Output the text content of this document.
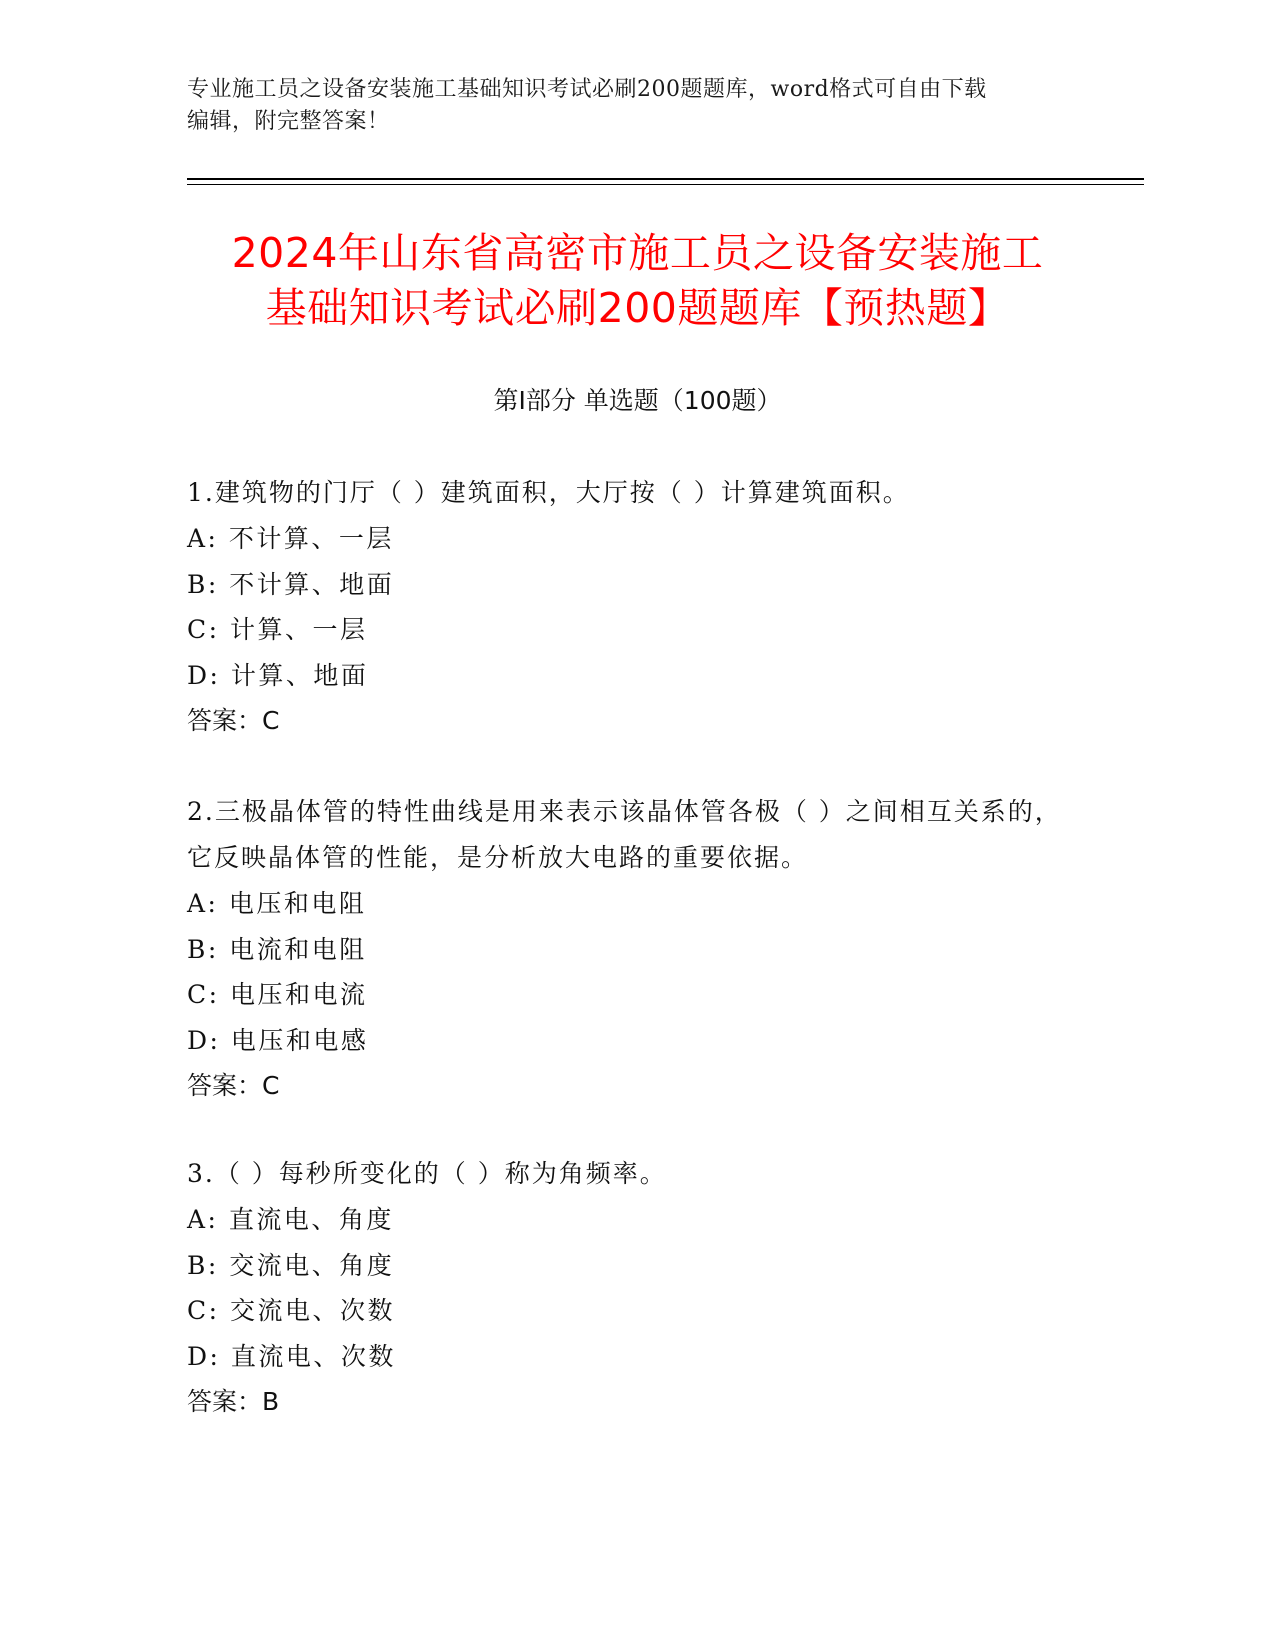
专业施工员之设备安装施工基础知识考试必刷200题题库，word格式可自由下载
编辑，附完整答案！
2024年山东省高密市施工员之设备安装施工
基础知识考试必刷200题题库【预热题】
第Ⅰ部分 单选题（100题）

1.建筑物的门厅（ ）建筑面积，大厅按（ ）计算建筑面积。

A: 不计算、一层

B: 不计算、地面

C: 计算、一层

D: 计算、地面

答案：C

2.三极晶体管的特性曲线是用来表示该晶体管各极（ ）之间相互关系的，它反映晶体管的性能，是分析放大电路的重要依据。

A: 电压和电阻

B: 电流和电阻

C: 电压和电流

D: 电压和电感

答案：C

3.（ ）每秒所变化的（ ）称为角频率。

A: 直流电、角度

B: 交流电、角度

C: 交流电、次数

D: 直流电、次数

答案：B
